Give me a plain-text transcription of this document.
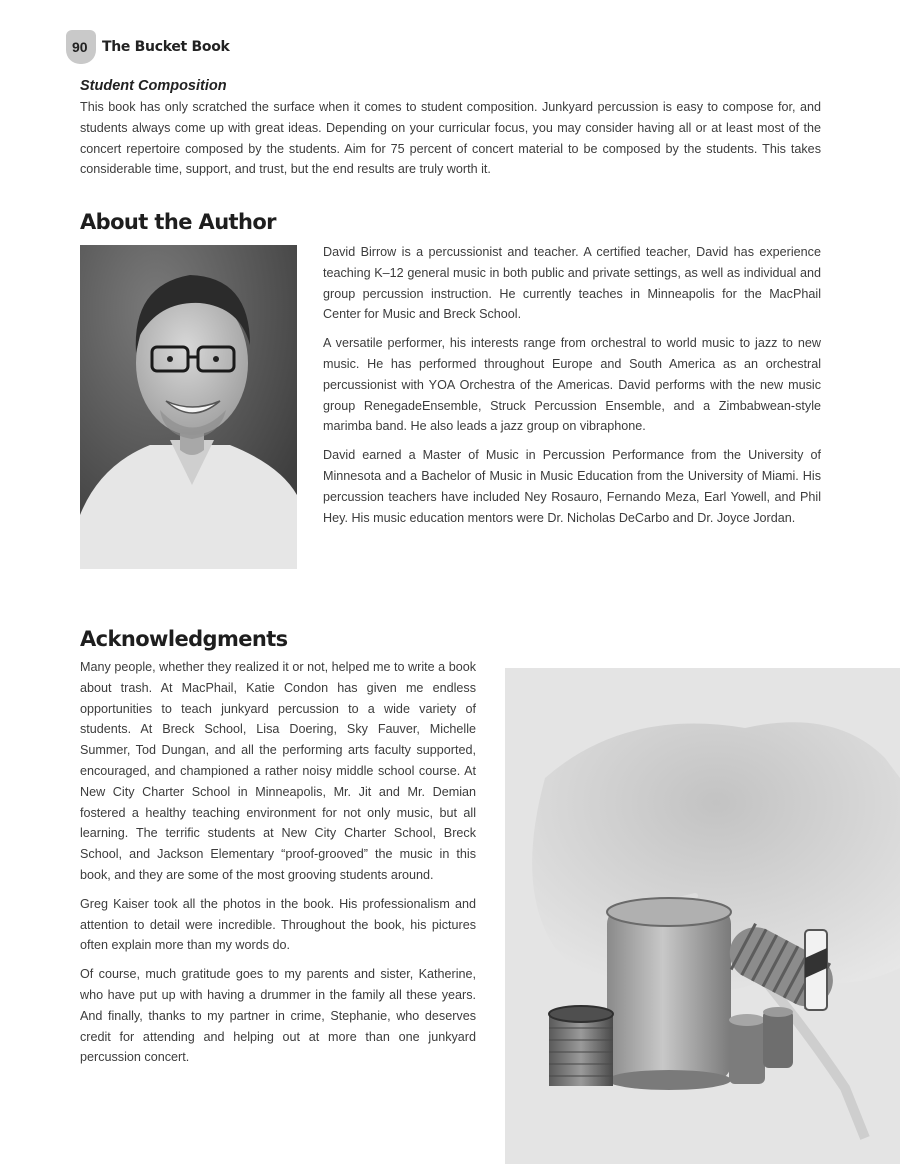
90 The Bucket Book
Student Composition

This book has only scratched the surface when it comes to student composition. Junkyard percussion is easy to compose for, and students always come up with great ideas. Depending on your curricular focus, you may consider having all or at least most of the concert repertoire composed by the students. Aim for 75 percent of concert material to be composed by the students. This takes considerable time, support, and trust, but the end results are truly worth it.

About the Author

David Birrow is a percussionist and teacher. A certified teacher, David has experience teaching K–12 general music in both public and private settings, as well as individual and group percussion instruction. He currently teaches in Minneapolis for the MacPhail Center for Music and Breck School.

A versatile performer, his interests range from orchestral to world music to jazz to new music. He has performed throughout Europe and South America as an orchestral percussionist with YOA Orchestra of the Americas. David performs with the new music group RenegadeEnsemble, Struck Percussion Ensemble, and a Zimbabwean-style marimba band. He also leads a jazz group on vibraphone.

David earned a Master of Music in Percussion Performance from the University of Minnesota and a Bachelor of Music in Music Education from the University of Miami. His percussion teachers have included Ney Rosauro, Fernando Meza, Earl Yowell, and Phil Hey. His music education mentors were Dr. Nicholas DeCarbo and Dr. Joyce Jordan.

Acknowledgments

Many people, whether they realized it or not, helped me to write a book about trash. At MacPhail, Katie Condon has given me endless opportunities to teach junkyard percussion to a wide variety of students. At Breck School, Lisa Doering, Sky Fauver, Michelle Summer, Tod Dungan, and all the performing arts faculty supported, encouraged, and championed a rather noisy middle school course. At New City Charter School in Minneapolis, Mr. Jit and Mr. Demian fostered a healthy teaching environment for not only music, but all learning. The terrific students at New City Charter School, Breck School, and Jackson Elementary “proof-grooved” the music in this book, and they are some of the most grooving students around.

Greg Kaiser took all the photos in the book. His professionalism and attention to detail were incredible. Throughout the book, his pictures often explain more than my words do.

Of course, much gratitude goes to my parents and sister, Katherine, who have put up with having a drummer in the family all these years. And finally, thanks to my partner in crime, Stephanie, who deserves credit for attending and helping out at more than one junkyard percussion concert.
